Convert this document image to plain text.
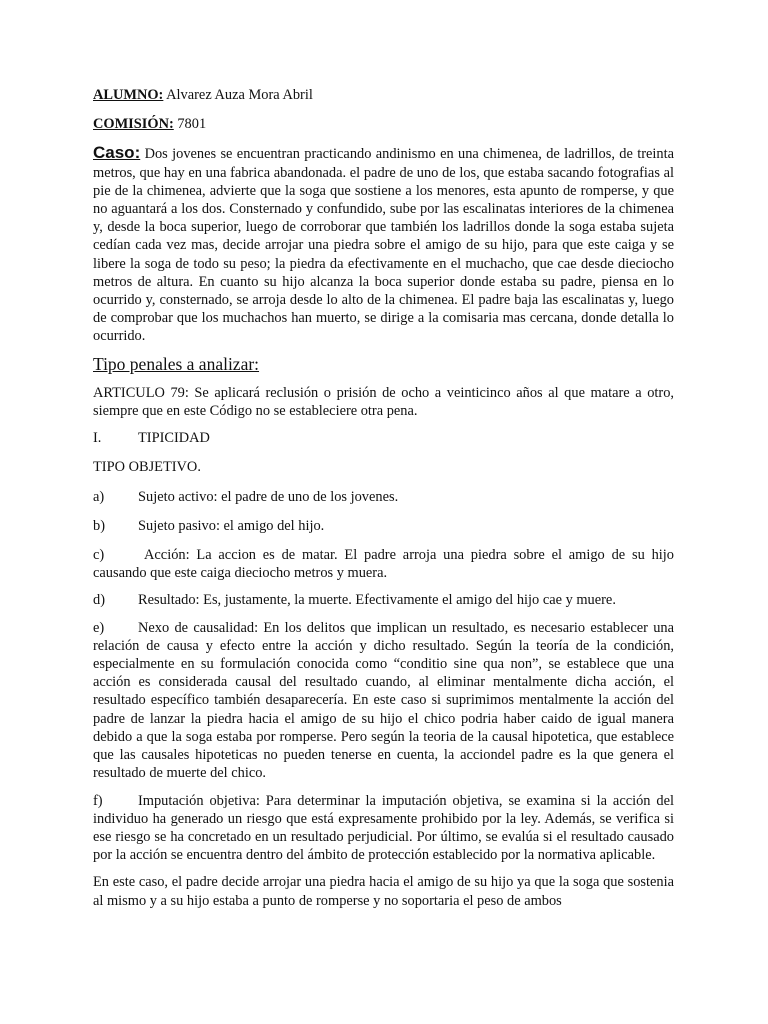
ALUMNO: Alvarez Auza Mora Abril

COMISIÓN: 7801

Caso: Dos jovenes se encuentran practicando andinismo en una chimenea, de ladrillos, de treinta metros, que hay en una fabrica abandonada. el padre de uno de los, que estaba sacando fotografias al pie de la chimenea, advierte que la soga que sostiene a los menores, esta apunto de romperse, y que no aguantará a los dos. Consternado y confundido, sube por las escalinatas interiores de la chimenea y, desde la boca superior, luego de corroborar que también los ladrillos donde la soga estaba sujeta cedían cada vez mas, decide arrojar una piedra sobre el amigo de su hijo, para que este caiga y se libere la soga de todo su peso; la piedra da efectivamente en el muchacho, que cae desde dieciocho metros de altura. En cuanto su hijo alcanza la boca superior donde estaba su padre, piensa en lo ocurrido y, consternado, se arroja desde lo alto de la chimenea. El padre baja las escalinatas y, luego de comprobar que los muchachos han muerto, se dirige a la comisaria mas cercana, donde detalla lo ocurrido.

Tipo penales a analizar:

ARTICULO 79: Se aplicará reclusión o prisión de ocho a veinticinco años al que matare a otro, siempre que en este Código no se estableciere otra pena.

I.	TIPICIDAD

TIPO OBJETIVO.

a) Sujeto activo: el padre de uno de los jovenes.

b) Sujeto pasivo: el amigo del hijo.

c) Acción: La accion es de matar. El padre arroja una piedra sobre el amigo de su hijo causando que este caiga dieciocho metros y muera.

d) Resultado: Es, justamente, la muerte. Efectivamente el amigo del hijo cae y muere.

e) Nexo de causalidad: En los delitos que implican un resultado, es necesario establecer una relación de causa y efecto entre la acción y dicho resultado. Según la teoría de la condición, especialmente en su formulación conocida como “conditio sine qua non”, se establece que una acción es considerada causal del resultado cuando, al eliminar mentalmente dicha acción, el resultado específico también desaparecería. En este caso si suprimimos mentalmente la acción del padre de lanzar la piedra hacia el amigo de su hijo el chico podria haber caido de igual manera debido a que la soga estaba por romperse. Pero según la teoria de la causal hipotetica, que establece que las causales hipoteticas no pueden tenerse en cuenta, la acciondel padre es la que genera el resultado de muerte del chico.

f) Imputación objetiva: Para determinar la imputación objetiva, se examina si la acción del individuo ha generado un riesgo que está expresamente prohibido por la ley. Además, se verifica si ese riesgo se ha concretado en un resultado perjudicial. Por último, se evalúa si el resultado causado por la acción se encuentra dentro del ámbito de protección establecido por la normativa aplicable.

En este caso, el padre decide arrojar una piedra hacia el amigo de su hijo ya que la soga que sostenia al mismo y a su hijo estaba a punto de romperse y no soportaria el peso de ambos
